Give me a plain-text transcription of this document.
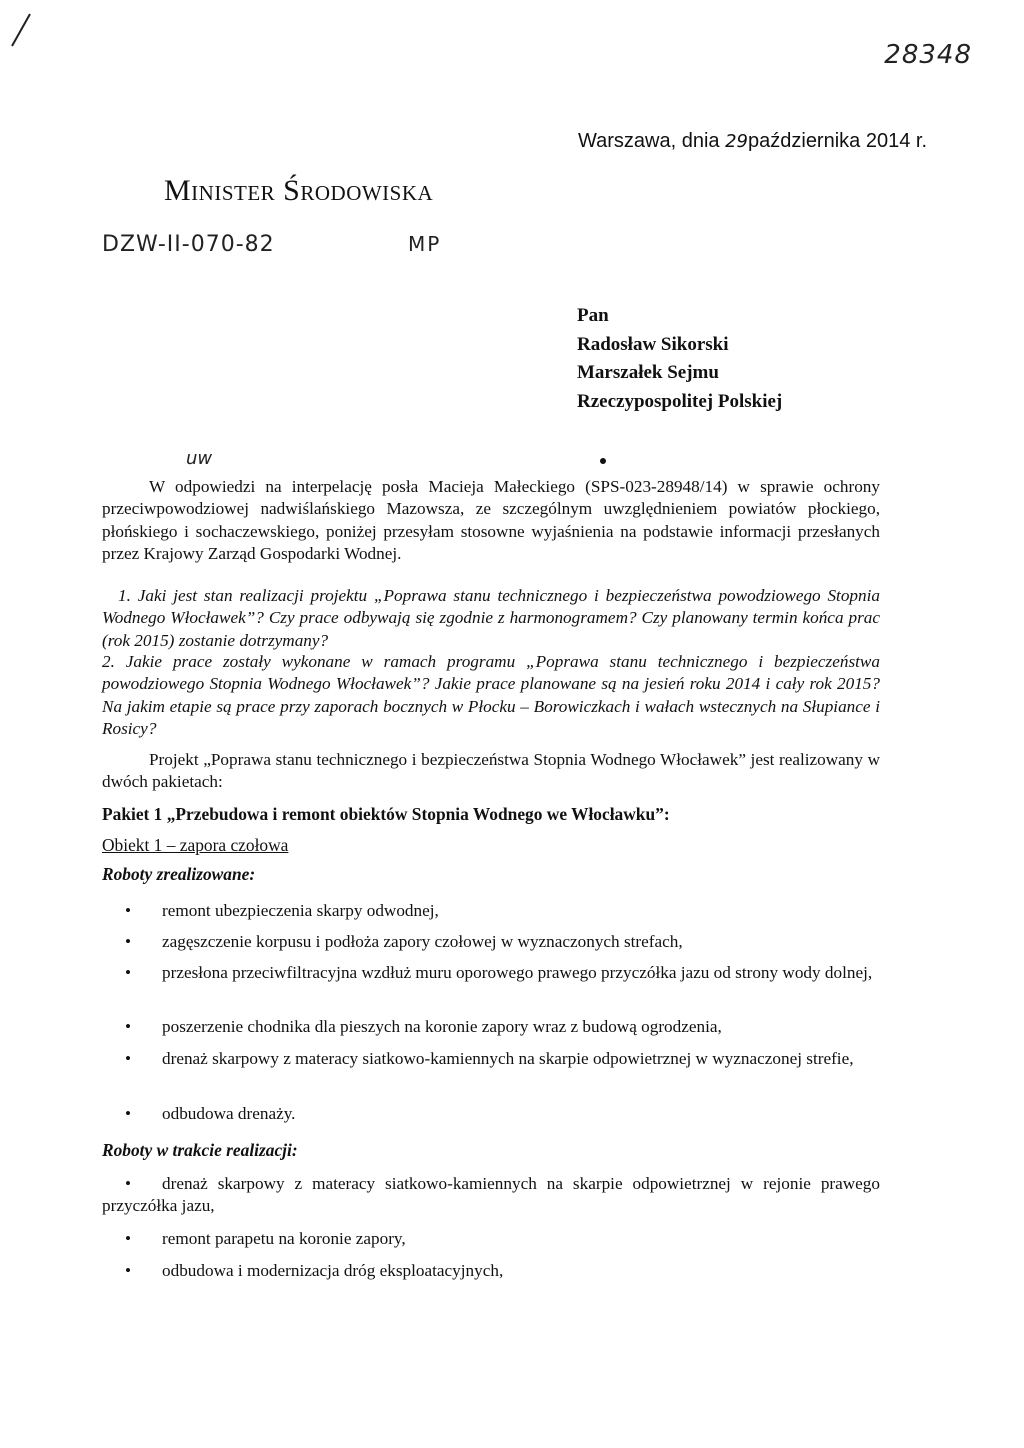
28348
Warszawa, dnia 29października 2014 r.
Minister Środowiska
DZW-II-070-82	MP
Pan
Radosław Sikorski
Marszałek Sejmu
Rzeczypospolitej Polskiej
uw
W odpowiedzi na interpelację posła Macieja Małeckiego (SPS-023-28948/14) w sprawie ochrony przeciwpowodziowej nadwiślańskiego Mazowsza, ze szczególnym uwzględnieniem powiatów płockiego, płońskiego i sochaczewskiego, poniżej przesyłam stosowne wyjaśnienia na podstawie informacji przesłanych przez Krajowy Zarząd Gospodarki Wodnej.
1. Jaki jest stan realizacji projektu „Poprawa stanu technicznego i bezpieczeństwa powodziowego Stopnia Wodnego Włocławek”? Czy prace odbywają się zgodnie z harmonogramem? Czy planowany termin końca prac (rok 2015) zostanie dotrzymany?
2. Jakie prace zostały wykonane w ramach programu „Poprawa stanu technicznego i bezpieczeństwa powodziowego Stopnia Wodnego Włocławek”? Jakie prace planowane są na jesień roku 2014 i cały rok 2015? Na jakim etapie są prace przy zaporach bocznych w Płocku – Borowiczkach i wałach wstecznych na Słupiance i Rosicy?
Projekt „Poprawa stanu technicznego i bezpieczeństwa Stopnia Wodnego Włocławek” jest realizowany w dwóch pakietach:
Pakiet 1 „Przebudowa i remont obiektów Stopnia Wodnego we Włocławku”:
Obiekt 1 – zapora czołowa
Roboty zrealizowane:
• remont ubezpieczenia skarpy odwodnej,
• zagęszczenie korpusu i podłoża zapory czołowej w wyznaczonych strefach,
• przesłona przeciwfiltracyjna wzdłuż muru oporowego prawego przyczółka jazu od strony wody dolnej,
• poszerzenie chodnika dla pieszych na koronie zapory wraz z budową ogrodzenia,
• drenaż skarpowy z materacy siatkowo-kamiennych na skarpie odpowietrznej w wyznaczonej strefie,
• odbudowa drenaży.
Roboty w trakcie realizacji:
• drenaż skarpowy z materacy siatkowo-kamiennych na skarpie odpowietrznej w rejonie prawego przyczółka jazu,
• remont parapetu na koronie zapory,
• odbudowa i modernizacja dróg eksploatacyjnych,
